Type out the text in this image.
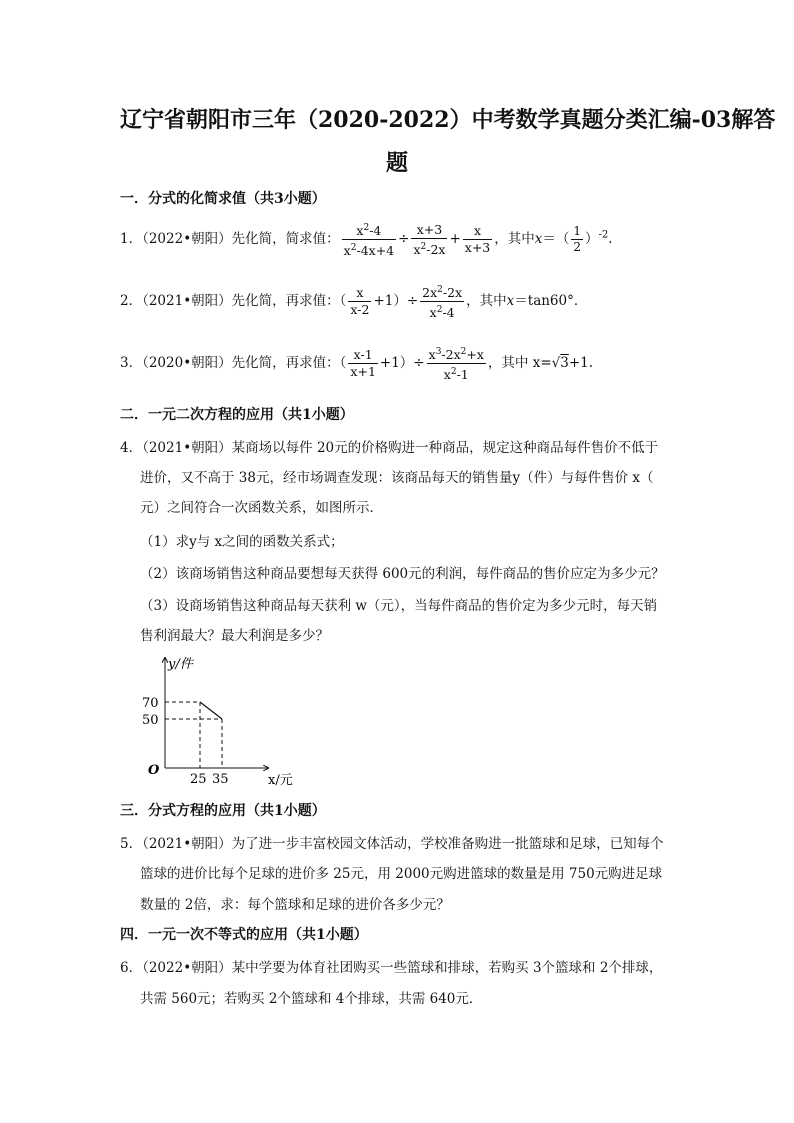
辽宁省朝阳市三年（2020-2022）中考数学真题分类汇编-03解答
题
一．分式的化简求值（共3小题）
1．（2022•朝阳）先化简，简求值： $\frac{x^2-4}{x^2-4x+4} \div \frac{x+3}{x^2-2x} + \frac{x}{x+3}$ ，其中$x=( \frac{1}{2} )^{-2}$．
2．（2021•朝阳）先化简，再求值：（ $\frac{x}{x-2} +1)\div \frac{2x^2-2x}{x^2-4}$ ，其中x＝tan60°．
3．（2020•朝阳）先化简，再求值：（ $\frac{x-1}{x+1} +1)\div \frac{x^3-2x^2+x}{x^2-1}$ ，其中 x=√3+1.
二．一元二次方程的应用（共1小题）
4．（2021•朝阳）某商场以每件 20元的价格购进一种商品，规定这种商品每件售价不低于
进价，又不高于 38元，经市场调查发现：该商品每天的销售量y（件）与每件售价 x（
元）之间符合一次函数关系，如图所示．
（1）求y与 x之间的函数关系式；
（2）该商场销售这种商品要想每天获得 600元的利润，每件商品的售价应定为多少元？
（3）设商场销售这种商品每天获利 w（元），当每件商品的售价定为多少元时，每天销
售利润最大？最大利润是多少？
y/件
70
50
O
25 35	x/元
三．分式方程的应用（共1小题）
5．（2021•朝阳）为了进一步丰富校园文体活动，学校准备购进一批篮球和足球，已知每个
篮球的进价比每个足球的进价多 25元，用 2000元购进篮球的数量是用 750元购进足球
数量的 2倍，求：每个篮球和足球的进价各多少元？
四．一元一次不等式的应用（共1小题）
6．（2022•朝阳）某中学要为体育社团购买一些篮球和排球，若购买 3个篮球和 2个排球，
共需 560元；若购买 2个篮球和 4个排球，共需 640元．
